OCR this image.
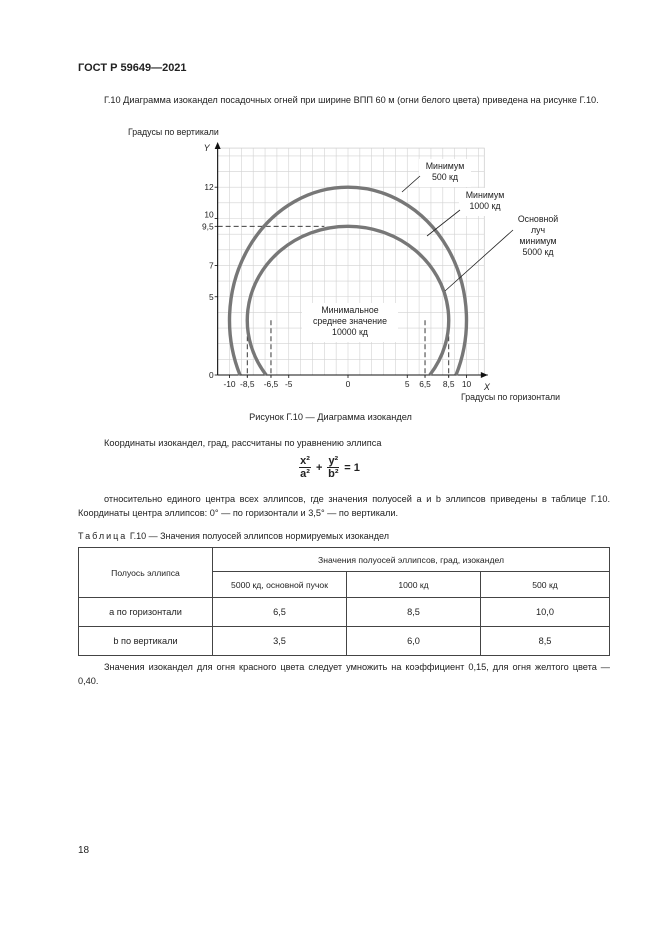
ГОСТ Р 59649—2021
Г.10 Диаграмма изокандел посадочных огней при ширине ВПП 60 м (огни белого цвета) приведена на рисунке Г.10.
Градусы по вертикали
X
Y
-10 -8,5 -6,5 -5	0	5 6,5 8,5 10
0
5
7
9,5
10
12
Минимум
500 кд
Минимум
1000 кд
Основной
луч
минимум
5000 кд
Минимальное
среднее значение
10000 кд
Градусы по горизонтали
Рисунок Г.10 — Диаграмма изокандел
Координаты изокандел, град, рассчитаны по уравнению эллипса
$\frac{\text{x²}}{\text{a²}} + \frac{\text{y²}}{\text{b²}} = 1$
относительно единого центра всех эллипсов, где значения полуосей a и b эллипсов приведены в таблице Г.10. Координаты центра эллипсов: 0° — по горизонтали и 3,5° — по вертикали.
Таблица Г.10 — Значения полуосей эллипсов нормируемых изокандел
Полуось эллипса	Значения полуосей эллипсов, град, изокандел		
	5000 кд, основной пучок	1000 кд	500 кд
a по горизонтали	6,5	8,5	10,0
b по вертикали	3,5	6,0	8,5
Значения изокандел для огня красного цвета следует умножить на коэффициент 0,15, для огня желтого цвета — 0,40.
18
